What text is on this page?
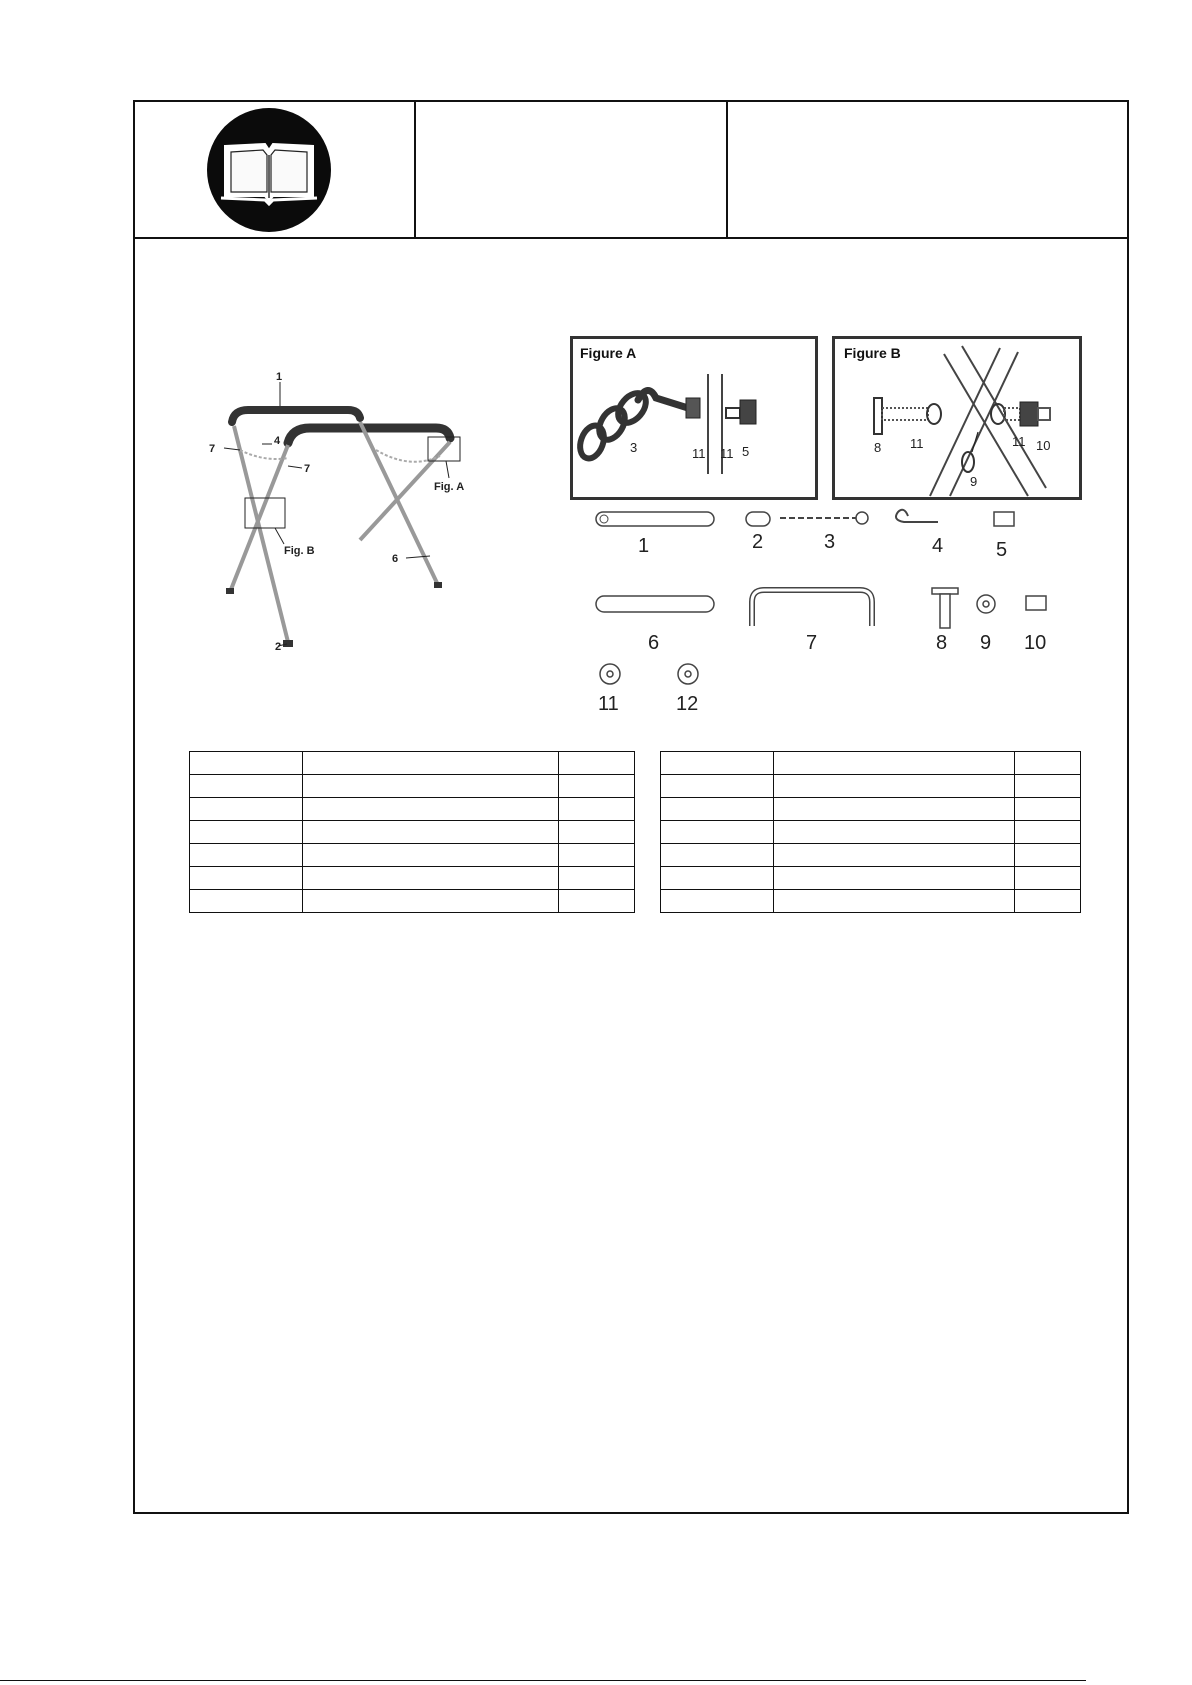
1
7
4
7
Fig. A
Fig. B
6
2
Figure A
3	11 11 5
Figure B
8 11
9
11 10
1	2	3	4	5
6	7	8 9 10
11	12
